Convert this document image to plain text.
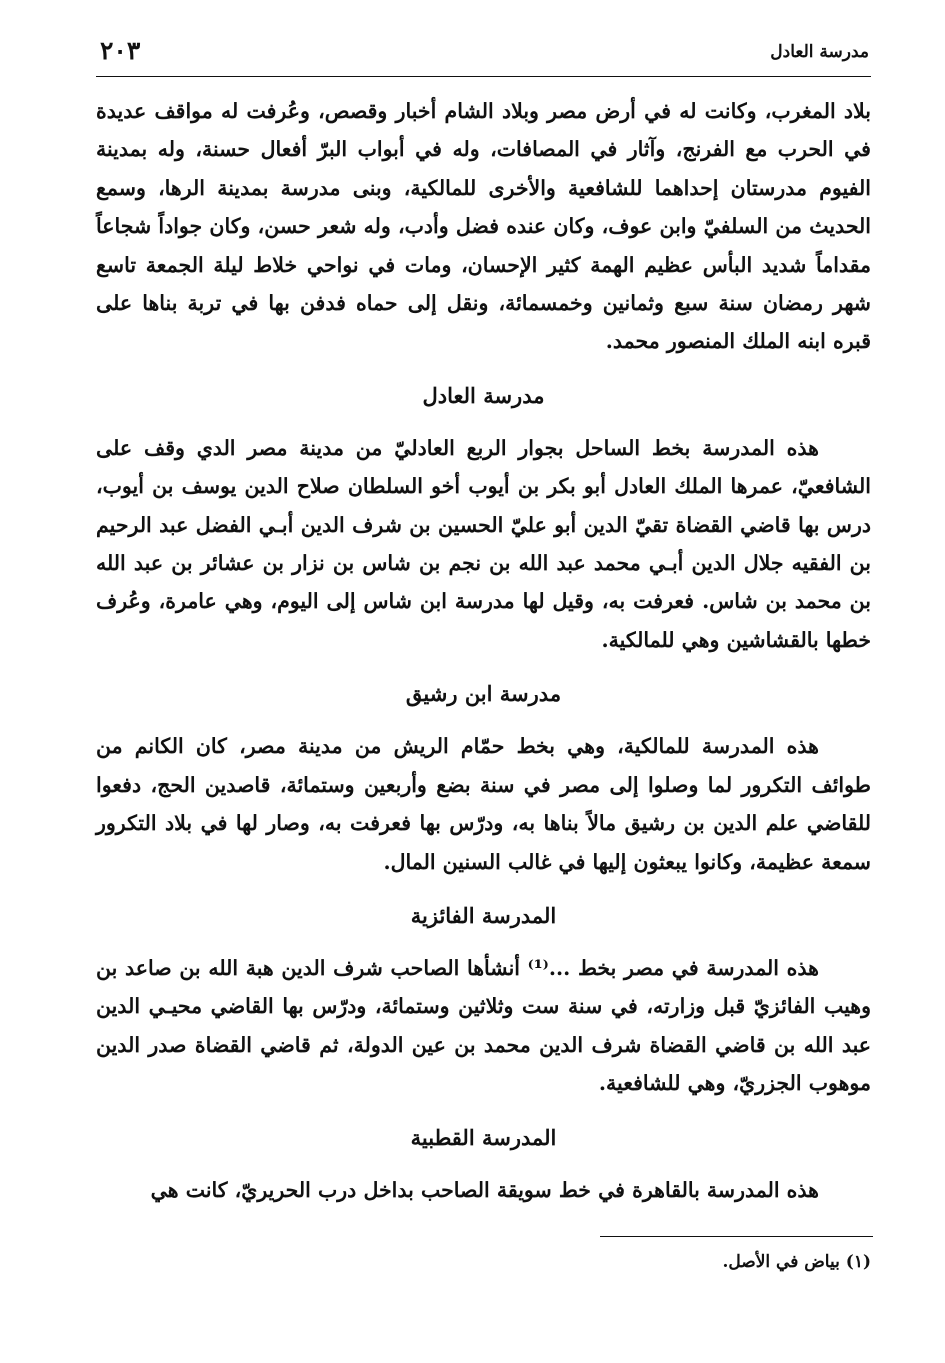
مدرسة العادل
٢٠٣

بلاد المغرب، وكانت له في أرض مصر وبلاد الشام أخبار وقصص، وعُرفت له مواقف عديدة في الحرب مع الفرنج، وآثار في المصافات، وله في أبواب البرّ أفعال حسنة، وله بمدينة الفيوم مدرستان إحداهما للشافعية والأخرى للمالكية، وبنى مدرسة بمدينة الرها، وسمع الحديث من السلفيّ وابن عوف، وكان عنده فضل وأدب، وله شعر حسن، وكان جواداً شجاعاً مقداماً شديد البأس عظيم الهمة كثير الإحسان، ومات في نواحي خلاط ليلة الجمعة تاسع شهر رمضان سنة سبع وثمانين وخمسمائة، ونقل إلى حماه فدفن بها في تربة بناها على قبره ابنه الملك المنصور محمد.

مدرسة العادل

هذه المدرسة بخط الساحل بجوار الربع العادليّ من مدينة مصر الدي وقف على الشافعيّ، عمرها الملك العادل أبو بكر بن أيوب أخو السلطان صلاح الدين يوسف بن أيوب، درس بها قاضي القضاة تقيّ الدين أبو عليّ الحسين بن شرف الدين أبـي الفضل عبد الرحيم بن الفقيه جلال الدين أبـي محمد عبد الله بن نجم بن شاس بن نزار بن عشائر بن عبد الله بن محمد بن شاس. فعرفت به، وقيل لها مدرسة ابن شاس إلى اليوم، وهي عامرة، وعُرف خطها بالقشاشين وهي للمالكية.

مدرسة ابن رشيق

هذه المدرسة للمالكية، وهي بخط حمّام الريش من مدينة مصر، كان الكانم من طوائف التكرور لما وصلوا إلى مصر في سنة بضع وأربعين وستمائة، قاصدين الحج، دفعوا للقاضي علم الدين بن رشيق مالاً بناها به، ودرّس بها فعرفت به، وصار لها في بلاد التكرور سمعة عظيمة، وكانوا يبعثون إليها في غالب السنين المال.

المدرسة الفائزية

هذه المدرسة في مصر بخط ...⁽¹⁾ أنشأها الصاحب شرف الدين هبة الله بن صاعد بن وهيب الفائزيّ قبل وزارته، في سنة ست وثلاثين وستمائة، ودرّس بها القاضي محيـي الدين عبد الله بن قاضي القضاة شرف الدين محمد بن عين الدولة، ثم قاضي القضاة صدر الدين موهوب الجزريّ، وهي للشافعية.

المدرسة القطبية

هذه المدرسة بالقاهرة في خط سويقة الصاحب بداخل درب الحريريّ، كانت هي

(١) بياض في الأصل.
